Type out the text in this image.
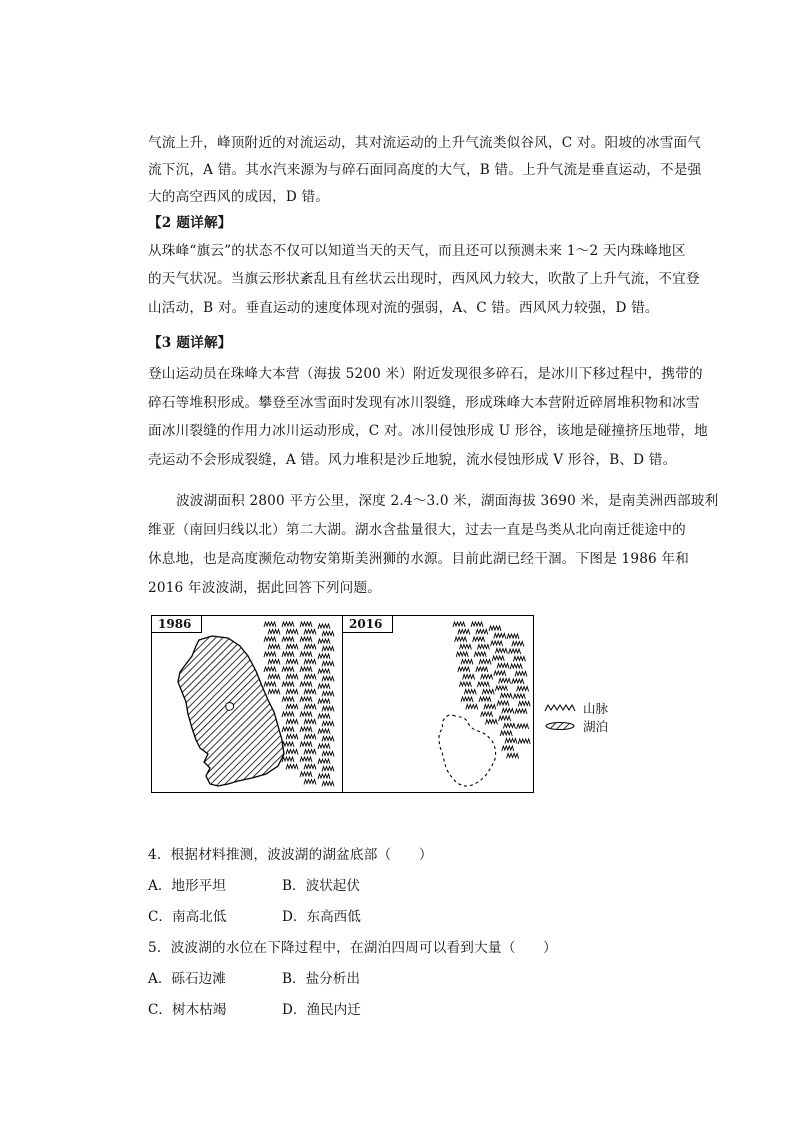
气流上升，峰顶附近的对流运动，其对流运动的上升气流类似谷风，C 对。阳坡的冰雪面气
流下沉，A 错。其水汽来源为与碎石面同高度的大气，B 错。上升气流是垂直运动，不是强
大的高空西风的成因，D 错。
【2 题详解】
从珠峰“旗云”的状态不仅可以知道当天的天气，而且还可以预测未来 1～2 天内珠峰地区
的天气状况。当旗云形状紊乱且有丝状云出现时，西风风力较大，吹散了上升气流，不宜登
山活动，B 对。垂直运动的速度体现对流的强弱，A、C 错。西风风力较强，D 错。
【3 题详解】
登山运动员在珠峰大本营（海拔 5200 米）附近发现很多碎石，是冰川下移过程中，携带的
碎石等堆积形成。攀登至冰雪面时发现有冰川裂缝，形成珠峰大本营附近碎屑堆积物和冰雪
面冰川裂缝的作用力冰川运动形成，C 对。冰川侵蚀形成 U 形谷，该地是碰撞挤压地带，地
壳运动不会形成裂缝，A 错。风力堆积是沙丘地貌，流水侵蚀形成 V 形谷，B、D 错。
波波湖面积 2800 平方公里，深度 2.4～3.0 米，湖面海拔 3690 米，是南美洲西部玻利
维亚（南回归线以北）第二大湖。湖水含盐量很大，过去一直是鸟类从北向南迁徙途中的
休息地，也是高度濒危动物安第斯美洲狮的水源。目前此湖已经干涸。下图是 1986 年和
2016 年波波湖，据此回答下列问题。
1986	2016
山脉
湖泊
4．根据材料推测，波波湖的湖盆底部（　　）
A．地形平坦	B．波状起伏
C．南高北低	D．东高西低
5．波波湖的水位在下降过程中，在湖泊四周可以看到大量（　　）
A．砾石边滩	B．盐分析出
C．树木枯竭	D．渔民内迁
